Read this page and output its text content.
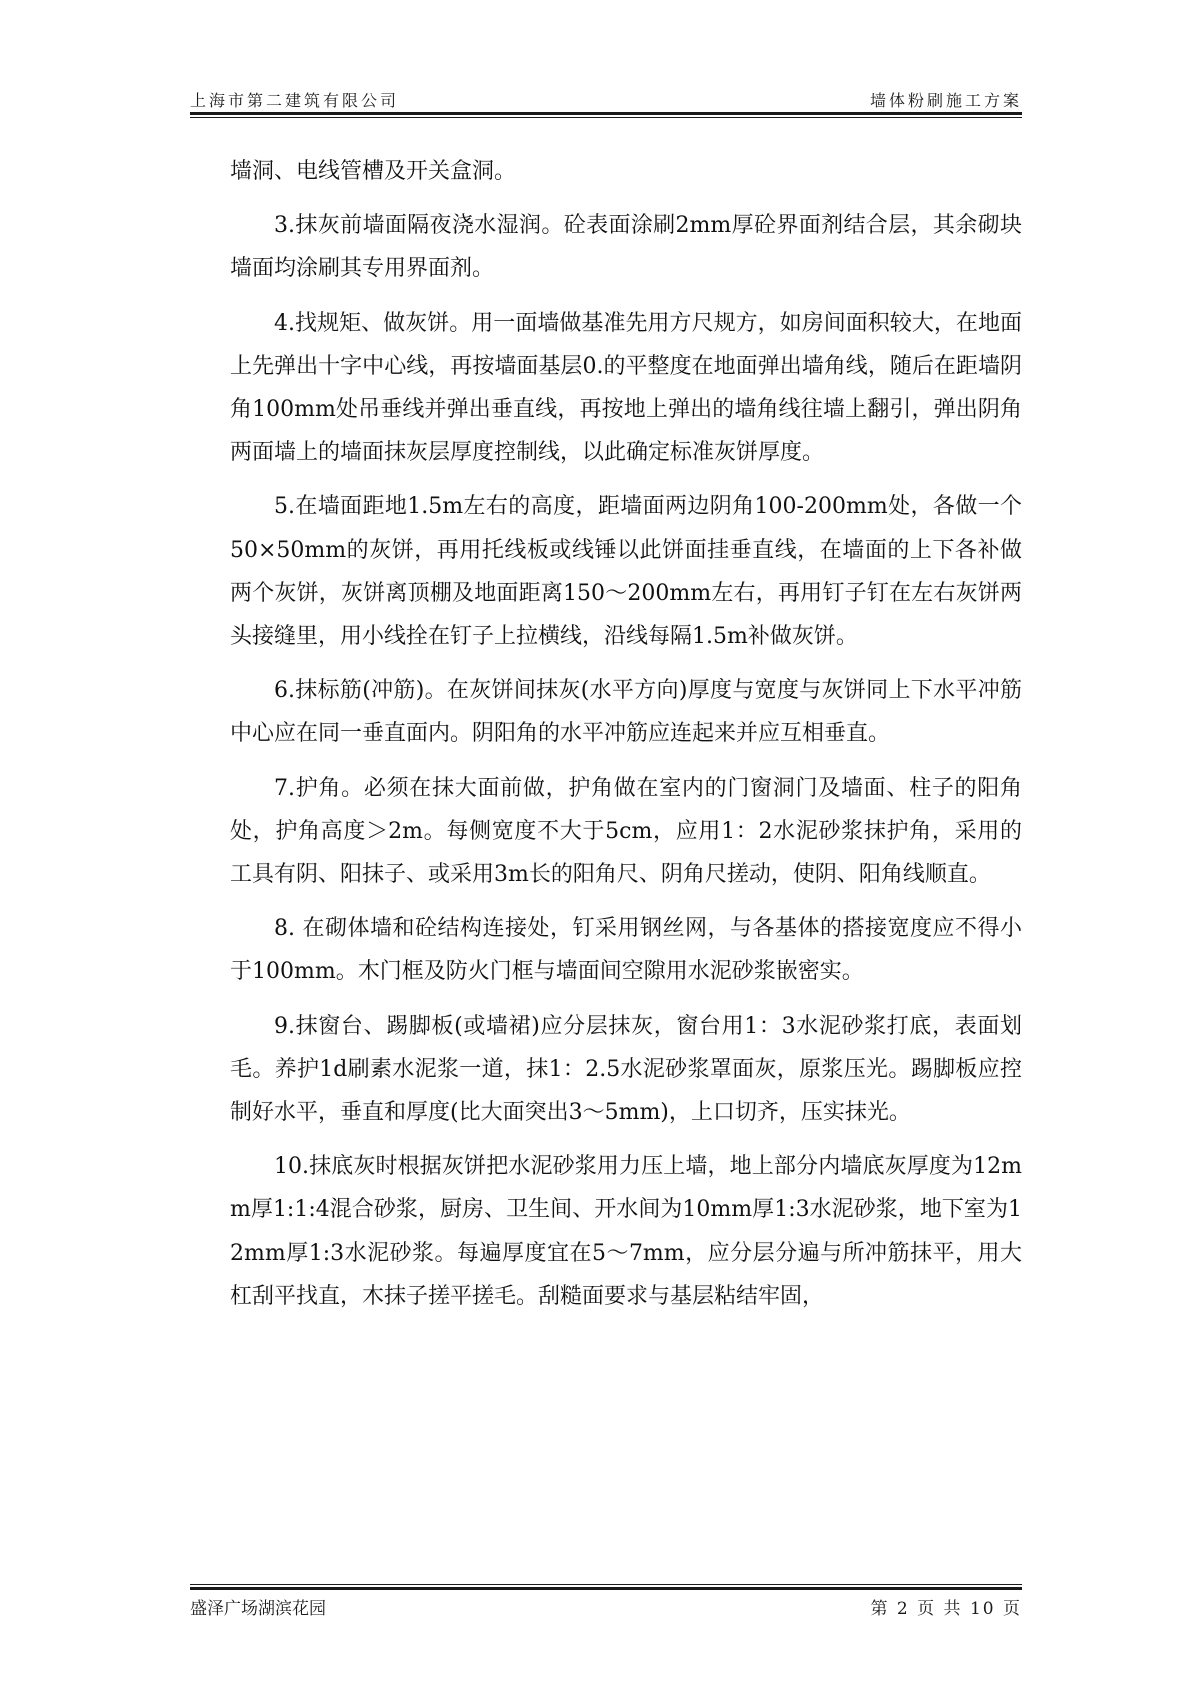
上海市第二建筑有限公司	墙体粉刷施工方案

墙洞、电线管槽及开关盒洞。

3.抹灰前墙面隔夜浇水湿润。砼表面涂刷2mm厚砼界面剂结合层，其余砌块墙面均涂刷其专用界面剂。

4.找规矩、做灰饼。用一面墙做基准先用方尺规方，如房间面积较大，在地面上先弹出十字中心线，再按墙面基层0.的平整度在地面弹出墙角线，随后在距墙阴角100mm处吊垂线并弹出垂直线，再按地上弹出的墙角线往墙上翻引，弹出阴角两面墙上的墙面抹灰层厚度控制线，以此确定标准灰饼厚度。

5.在墙面距地1.5m左右的高度，距墙面两边阴角100-200mm处，各做一个50×50mm的灰饼，再用托线板或线锤以此饼面挂垂直线，在墙面的上下各补做两个灰饼，灰饼离顶棚及地面距离150～200mm左右，再用钉子钉在左右灰饼两头接缝里，用小线拴在钉子上拉横线，沿线每隔1.5m补做灰饼。

6.抹标筋(冲筋)。在灰饼间抹灰(水平方向)厚度与宽度与灰饼同上下水平冲筋中心应在同一垂直面内。阴阳角的水平冲筋应连起来并应互相垂直。

7.护角。必须在抹大面前做，护角做在室内的门窗洞门及墙面、柱子的阳角处，护角高度＞2m。每侧宽度不大于5cm，应用1：2水泥砂浆抹护角，采用的工具有阴、阳抹子、或采用3m长的阳角尺、阴角尺搓动，使阴、阳角线顺直。

8. 在砌体墙和砼结构连接处，钉采用钢丝网，与各基体的搭接宽度应不得小于100mm。木门框及防火门框与墙面间空隙用水泥砂浆嵌密实。

9.抹窗台、踢脚板(或墙裙)应分层抹灰，窗台用1：3水泥砂浆打底，表面划毛。养护1d刷素水泥浆一道，抹1：2.5水泥砂浆罩面灰，原浆压光。踢脚板应控制好水平，垂直和厚度(比大面突出3～5mm)，上口切齐，压实抹光。

10.抹底灰时根据灰饼把水泥砂浆用力压上墙，地上部分内墙底灰厚度为12mm厚1:1:4混合砂浆，厨房、卫生间、开水间为10mm厚1:3水泥砂浆，地下室为12mm厚1:3水泥砂浆。每遍厚度宜在5～7mm，应分层分遍与所冲筋抹平，用大杠刮平找直，木抹子搓平搓毛。刮糙面要求与基层粘结牢固，

盛泽广场湖滨花园	第 2 页 共 10 页
